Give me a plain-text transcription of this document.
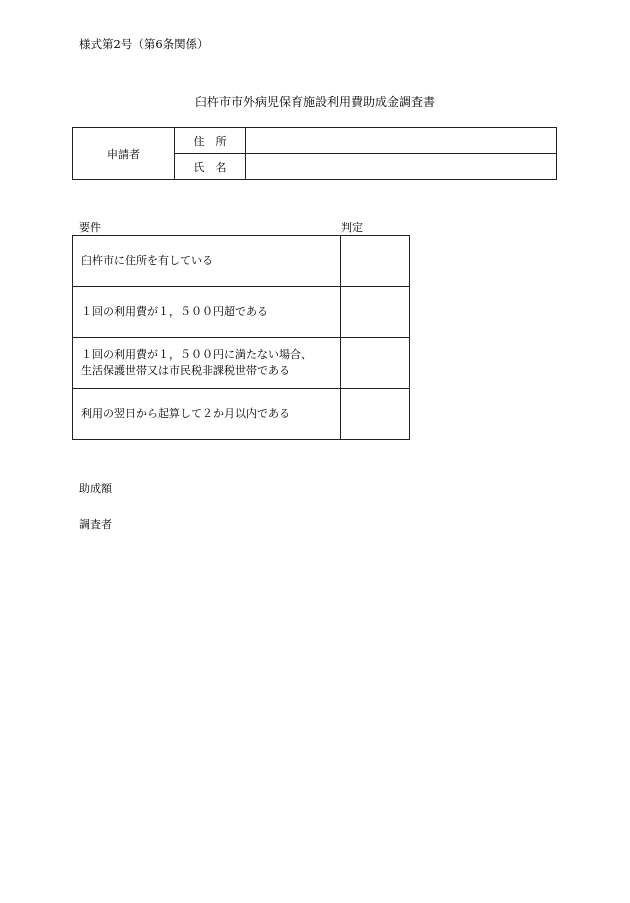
様式第2号（第6条関係）
臼杵市市外病児保育施設利用費助成金調査書
申請者	住　所	
	氏　名	
要件	判定
臼杵市に住所を有している	

１回の利用費が１，５００円超である	

１回の利用費が１，５００円に満たない場合、
生活保護世帯又は市民税非課税世帯である	

利用の翌日から起算して２か月以内である	

助成額
調査者
